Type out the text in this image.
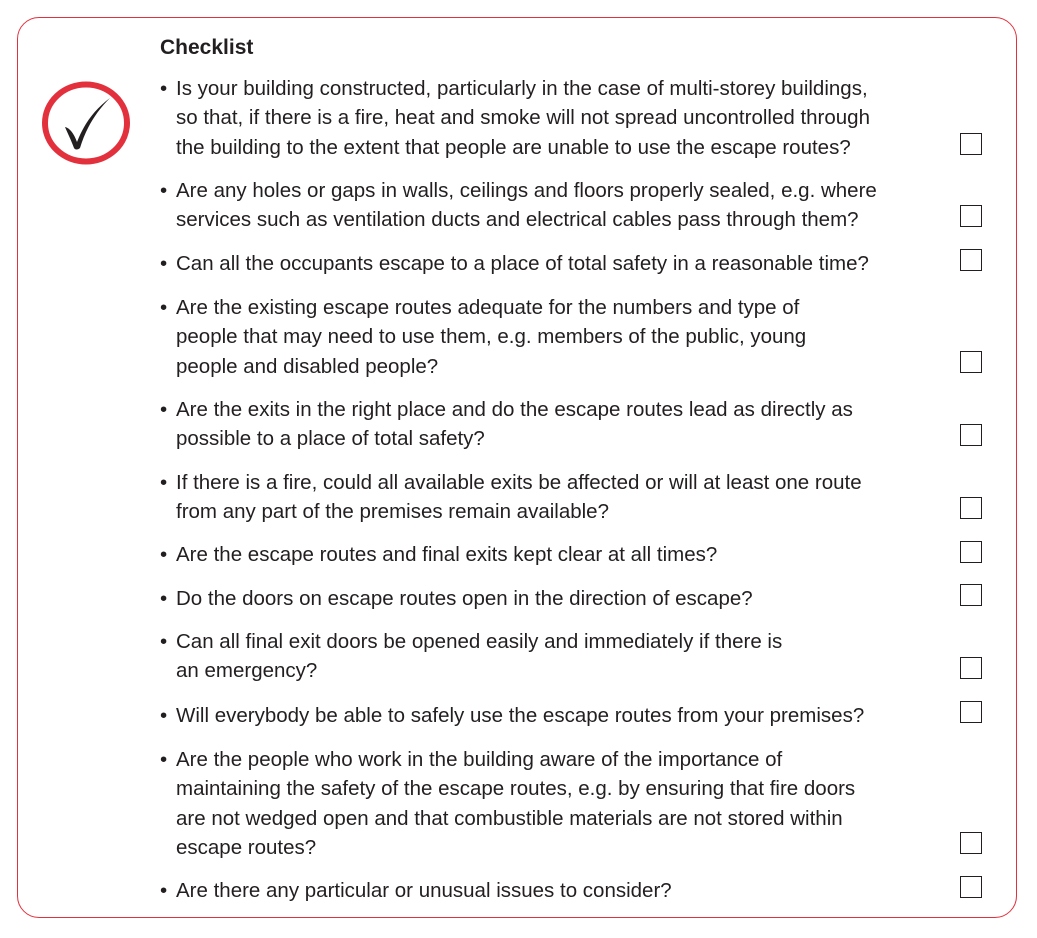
Checklist
• Is your building constructed, particularly in the case of multi-storey buildings,
so that, if there is a fire, heat and smoke will not spread uncontrolled through
the building to the extent that people are unable to use the escape routes?
• Are any holes or gaps in walls, ceilings and floors properly sealed, e.g. where
services such as ventilation ducts and electrical cables pass through them?
• Can all the occupants escape to a place of total safety in a reasonable time?
• Are the existing escape routes adequate for the numbers and type of
people that may need to use them, e.g. members of the public, young
people and disabled people?
• Are the exits in the right place and do the escape routes lead as directly as
possible to a place of total safety?
• If there is a fire, could all available exits be affected or will at least one route
from any part of the premises remain available?
• Are the escape routes and final exits kept clear at all times?
• Do the doors on escape routes open in the direction of escape?
• Can all final exit doors be opened easily and immediately if there is
an emergency?
• Will everybody be able to safely use the escape routes from your premises?
• Are the people who work in the building aware of the importance of
maintaining the safety of the escape routes, e.g. by ensuring that fire doors
are not wedged open and that combustible materials are not stored within
escape routes?
• Are there any particular or unusual issues to consider?
